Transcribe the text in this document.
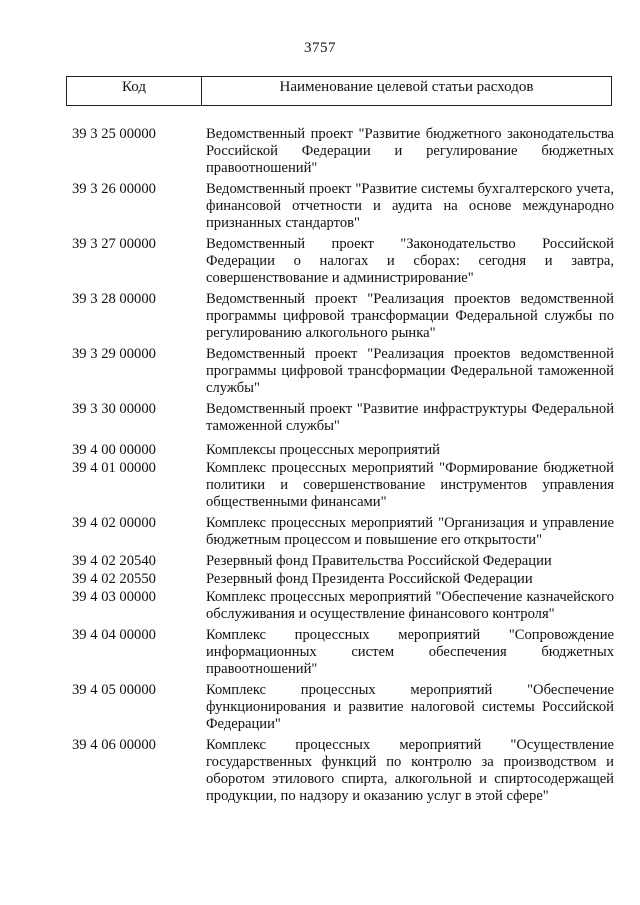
3757
Код	Наименование целевой статьи расходов
39 3 25 00000	Ведомственный проект "Развитие бюджетного законодательства Российской Федерации и регулирование бюджетных правоотношений"
39 3 26 00000	Ведомственный проект "Развитие системы бухгалтерского учета, финансовой отчетности и аудита на основе международно признанных стандартов"
39 3 27 00000	Ведомственный проект "Законодательство Российской Федерации о налогах и сборах: сегодня и завтра, совершенствование и администрирование"
39 3 28 00000	Ведомственный проект "Реализация проектов ведомственной программы цифровой трансформации Федеральной службы по регулированию алкогольного рынка"
39 3 29 00000	Ведомственный проект "Реализация проектов ведомственной программы цифровой трансформации Федеральной таможенной службы"
39 3 30 00000	Ведомственный проект "Развитие инфраструктуры Федеральной таможенной службы"
39 4 00 00000	Комплексы процессных мероприятий
39 4 01 00000	Комплекс процессных мероприятий "Формирование бюджетной политики и совершенствование инструментов управления общественными финансами"
39 4 02 00000	Комплекс процессных мероприятий "Организация и управление бюджетным процессом и повышение его открытости"
39 4 02 20540	Резервный фонд Правительства Российской Федерации
39 4 02 20550	Резервный фонд Президента Российской Федерации
39 4 03 00000	Комплекс процессных мероприятий "Обеспечение казначейского обслуживания и осуществление финансового контроля"
39 4 04 00000	Комплекс процессных мероприятий "Сопровождение информационных систем обеспечения бюджетных правоотношений"
39 4 05 00000	Комплекс процессных мероприятий "Обеспечение функционирования и развитие налоговой системы Российской Федерации"
39 4 06 00000	Комплекс процессных мероприятий "Осуществление государственных функций по контролю за производством и оборотом этилового спирта, алкогольной и спиртосодержащей продукции, по надзору и оказанию услуг в этой сфере"
